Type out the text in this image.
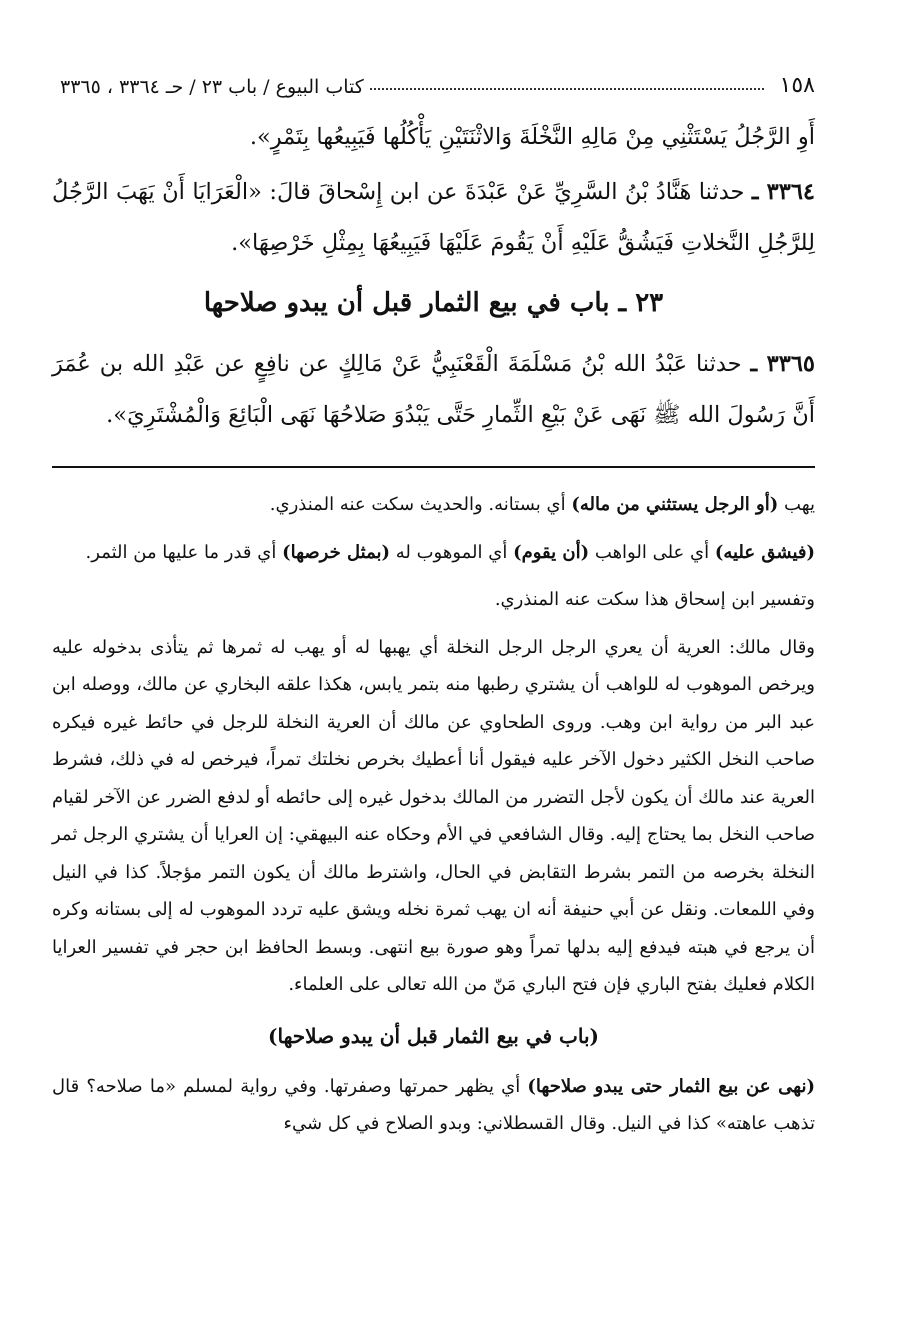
١٥٨
كتاب البيوع / باب ٢٣ / حـ ٣٣٦٤ ، ٣٣٦٥

أَوِ الرَّجُلُ يَسْتَثْنِي مِنْ مَالِهِ النَّخْلَةَ وَالاثْنَتَيْنِ يَأْكُلُها فَيَبِيعُها بِتَمْرٍ».

٣٣٦٤ ـ حدثنا هَنَّادُ بْنُ السَّرِيِّ عَنْ عَبْدَةَ عن ابن إِسْحاقَ قالَ: «الْعَرَايَا أَنْ يَهَبَ الرَّجُلُ لِلرَّجُلِ النَّخلاتِ فَيَشُقُّ عَلَيْهِ أَنْ يَقُومَ عَلَيْهَا فَيَبِيعُهَا بِمِثْلِ خَرْصِهَا».

٢٣ ـ باب في بيع الثمار قبل أن يبدو صلاحها

٣٣٦٥ ـ حدثنا عَبْدُ الله بْنُ مَسْلَمَةَ الْقَعْنَبِيُّ عَنْ مَالِكٍ عن نافِعٍ عن عَبْدِ الله بن عُمَرَ أَنَّ رَسُولَ الله ﷺ نَهَى عَنْ بَيْعِ الثِّمارِ حَتَّى يَبْدُوَ صَلاحُهَا نَهَى الْبَائِعَ وَالْمُشْتَرِيَ».

يهب (أو الرجل يستثني من ماله) أي بستانه. والحديث سكت عنه المنذري.

(فيشق عليه) أي على الواهب (أن يقوم) أي الموهوب له (بمثل خرصها) أي قدر ما عليها من الثمر.

وتفسير ابن إسحاق هذا سكت عنه المنذري.

وقال مالك: العرية أن يعري الرجل الرجل النخلة أي يهبها له أو يهب له ثمرها ثم يتأذى بدخوله عليه ويرخص الموهوب له للواهب أن يشتري رطبها منه بتمر يابس، هكذا علقه البخاري عن مالك، ووصله ابن عبد البر من رواية ابن وهب. وروى الطحاوي عن مالك أن العرية النخلة للرجل في حائط غيره فيكره صاحب النخل الكثير دخول الآخر عليه فيقول أنا أعطيك بخرص نخلتك تمراً، فيرخص له في ذلك، فشرط العرية عند مالك أن يكون لأجل التضرر من المالك بدخول غيره إلى حائطه أو لدفع الضرر عن الآخر لقيام صاحب النخل بما يحتاج إليه. وقال الشافعي في الأم وحكاه عنه البيهقي: إن العرايا أن يشتري الرجل ثمر النخلة بخرصه من التمر بشرط التقابض في الحال، واشترط مالك أن يكون التمر مؤجلاً. كذا في النيل وفي اللمعات. ونقل عن أبي حنيفة أنه ان يهب ثمرة نخله ويشق عليه تردد الموهوب له إلى بستانه وكره أن يرجع في هبته فيدفع إليه بدلها تمراً وهو صورة بيع انتهى. وبسط الحافظ ابن حجر في تفسير العرايا الكلام فعليك بفتح الباري فإن فتح الباري مَنّ من الله تعالى على العلماء.

(باب في بيع الثمار قبل أن يبدو صلاحها)

(نهى عن بيع الثمار حتى يبدو صلاحها) أي يظهر حمرتها وصفرتها. وفي رواية لمسلم «ما صلاحه؟ قال تذهب عاهته» كذا في النيل. وقال القسطلاني: وبدو الصلاح في كل شيء
